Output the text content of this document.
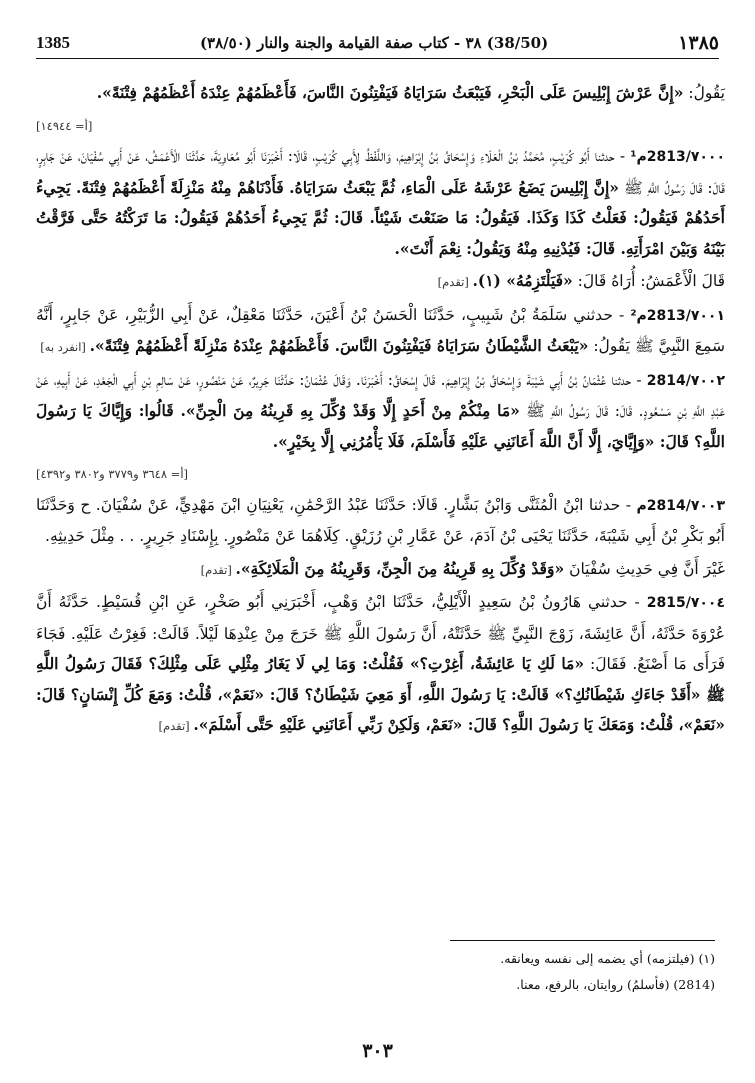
1385	(38/50) ٣٨ - كتاب صفة القيامة والجنة والنار (٣٨/٥٠)	١٣٨٥

يَقُولُ: «إِنَّ عَرْشَ إِبْلِيسَ عَلَى الْبَحْرِ، فَيَبْعَثُ سَرَايَاهُ فَيَفْتِنُونَ النَّاسَ، فَأَعْظَمُهُمْ عِنْدَهُ أَعْظَمُهُمْ فِتْنَةً».

[أ= ١٤٩٤٤]

٧٠٠٠/2813م¹ - حدثنا أَبُو كُرَيْبٍ، مُحَمَّدُ بْنُ الْعَلَاءِ وَإِسْحَاقُ بْنُ إِبْرَاهِيمَ، وَاللَّفْظُ لِأَبِي كُرَيْبٍ، قَالَا: أَخْبَرَنَا أَبُو مُعَاوِيَةَ، حَدَّثَنَا الْأَعْمَشُ، عَنْ أَبِي سُفْيَانَ، عَنْ جَابِرٍ، قَالَ: قَالَ رَسُولُ اللَّهِ ﷺ «إِنَّ إِبْلِيسَ يَضَعُ عَرْشَهُ عَلَى الْمَاءِ، ثُمَّ يَبْعَثُ سَرَايَاهُ. فَأَدْنَاهُمْ مِنْهُ مَنْزِلَةً أَعْظَمُهُمْ فِتْنَةً. يَجِيءُ أَحَدُهُمْ فَيَقُولُ: فَعَلْتُ كَذَا وَكَذَا. فَيَقُولُ: مَا صَنَعْتَ شَيْئاً. قَالَ: ثُمَّ يَجِيءُ أَحَدُهُمْ فَيَقُولُ: مَا تَرَكْتُهُ حَتَّى فَرَّقْتُ بَيْنَهُ وَبَيْنَ امْرَأَتِهِ. قَالَ: فَيُدْنِيهِ مِنْهُ وَيَقُولُ: نِعْمَ أَنْتَ».

قَالَ الْأَعْمَشُ: أُرَاهُ قَالَ: «فَيَلْتَزِمُهُ» (١). [تقدم]

٧٠٠١/2813م² - حدثني سَلَمَةُ بْنُ شَبِيبٍ، حَدَّثَنَا الْحَسَنُ بْنُ أَعْيَنَ، حَدَّثَنَا مَعْقِلٌ، عَنْ أَبِي الزُّبَيْرِ، عَنْ جَابِرٍ، أَنَّهُ سَمِعَ النَّبِيَّ ﷺ يَقُولُ: «يَبْعَثُ الشَّيْطَانُ سَرَايَاهُ فَيَفْتِنُونَ النَّاسَ. فَأَعْظَمُهُمْ عِنْدَهُ مَنْزِلَةً أَعْظَمُهُمْ فِتْنَةً». [انفرد به]

٧٠٠٢/2814 - حدثنا عُثْمَانُ بْنُ أَبِي شَيْبَةَ وَإِسْحَاقُ بْنُ إِبْرَاهِيمَ. قَالَ إِسْحَاقُ: أَخْبَرَنَا. وَقَالَ عُثْمَانُ: حَدَّثَنَا جَرِيرٌ، عَنْ مَنْصُورٍ، عَنْ سَالِمِ بْنِ أَبِي الْجَعْدِ، عَنْ أَبِيهِ، عَنْ عَبْدِ اللَّهِ بْنِ مَسْعُودٍ. قَالَ: قَالَ رَسُولُ اللَّهِ ﷺ «مَا مِنْكُمْ مِنْ أَحَدٍ إِلَّا وَقَدْ وُكِّلَ بِهِ قَرِينُهُ مِنَ الْجِنِّ». قَالُوا: وَإِيَّاكَ يَا رَسُولَ اللَّهِ؟ قَالَ: «وَإِيَّايَ، إِلَّا أَنَّ اللَّهَ أَعَانَنِي عَلَيْهِ فَأَسْلَمَ، فَلَا يَأْمُرُنِي إِلَّا بِخَيْرٍ».

[أ= ٣٦٤٨ و٣٧٧٩ و٣٨٠٢ و٤٣٩٢]

٧٠٠٣/2814م - حدثنا ابْنُ الْمُثَنَّى وَابْنُ بَشَّارٍ. قَالَا: حَدَّثَنَا عَبْدُ الرَّحْمَٰنِ، يَعْنِيَانِ ابْنَ مَهْدِيٍّ، عَنْ سُفْيَانَ. ح وَحَدَّثَنَا أَبُو بَكْرِ بْنُ أَبِي شَيْبَةَ، حَدَّثَنَا يَحْيَى بْنُ آدَمَ، عَنْ عَمَّارِ بْنِ رُزَيْقٍ. كِلَاهُمَا عَنْ مَنْصُورٍ. بِإِسْنَادِ جَرِيرٍ. . . مِثْلَ حَدِيثِهِ.

غَيْرَ أَنَّ فِي حَدِيثِ سُفْيَانَ «وَقَدْ وُكِّلَ بِهِ قَرِينُهُ مِنَ الْجِنِّ، وَقَرِينُهُ مِنَ الْمَلَائِكَةِ». [تقدم]

٧٠٠٤/2815 - حدثني هَارُونُ بْنُ سَعِيدٍ الْأَيْلِيُّ، حَدَّثَنَا ابْنُ وَهْبٍ، أَخْبَرَنِي أَبُو صَخْرٍ، عَنِ ابْنِ قُسَيْطٍ. حَدَّثَهُ أَنَّ عُرْوَةَ حَدَّثَهُ، أَنَّ عَائِشَةَ، زَوْجَ النَّبِيِّ ﷺ حَدَّثَتْهُ، أَنَّ رَسُولَ اللَّهِ ﷺ خَرَجَ مِنْ عِنْدِهَا لَيْلاً. قَالَتْ: فَغِرْتُ عَلَيْهِ. فَجَاءَ فَرَأَى مَا أَصْنَعُ. فَقَالَ: «مَا لَكِ يَا عَائِشَةُ، أَغِرْتِ؟» فَقُلْتُ: وَمَا لِي لَا يَغَارُ مِثْلِي عَلَى مِثْلِكَ؟ فَقَالَ رَسُولُ اللَّهِ ﷺ «أَقَدْ جَاءَكِ شَيْطَانُكِ؟» قَالَتْ: يَا رَسُولَ اللَّهِ، أَوَ مَعِيَ شَيْطَانٌ؟ قَالَ: «نَعَمْ»، قُلْتُ: وَمَعَ كُلِّ إِنْسَانٍ؟ قَالَ: «نَعَمْ»، قُلْتُ: وَمَعَكَ يَا رَسُولَ اللَّهِ؟ قَالَ: «نَعَمْ، وَلَكِنْ رَبِّي أَعَانَنِي عَلَيْهِ حَتَّى أَسْلَمَ». [تقدم]

(١) (فيلتزمه) أي يضمه إلى نفسه ويعانقه.
(2814) (فأسلمُ) روايتان، بالرفع، معنا.
٣٠٣
